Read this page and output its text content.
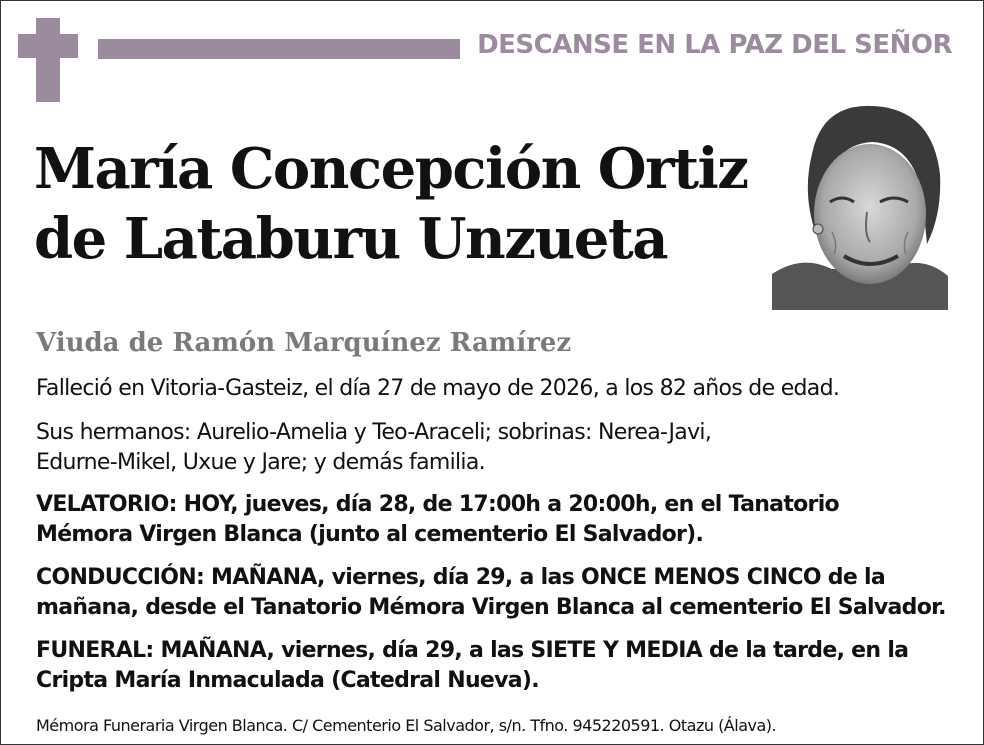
DESCANSE EN LA PAZ DEL SEÑOR
María Concepción Ortiz
de Lataburu Unzueta
Viuda de Ramón Marquínez Ramírez
Falleció en Vitoria-Gasteiz, el día 27 de mayo de 2026, a los 82 años de edad.
Sus hermanos: Aurelio-Amelia y Teo-Araceli; sobrinas: Nerea-Javi,
Edurne-Mikel, Uxue y Jare; y demás familia.
VELATORIO: HOY, jueves, día 28, de 17:00h a 20:00h, en el Tanatorio
Mémora Virgen Blanca (junto al cementerio El Salvador).
CONDUCCIÓN: MAÑANA, viernes, día 29, a las ONCE MENOS CINCO de la
mañana, desde el Tanatorio Mémora Virgen Blanca al cementerio El Salvador.
FUNERAL: MAÑANA, viernes, día 29, a las SIETE Y MEDIA de la tarde, en la
Cripta María Inmaculada (Catedral Nueva).
Mémora Funeraria Virgen Blanca. C/ Cementerio El Salvador, s/n. Tfno. 945220591. Otazu (Álava).
